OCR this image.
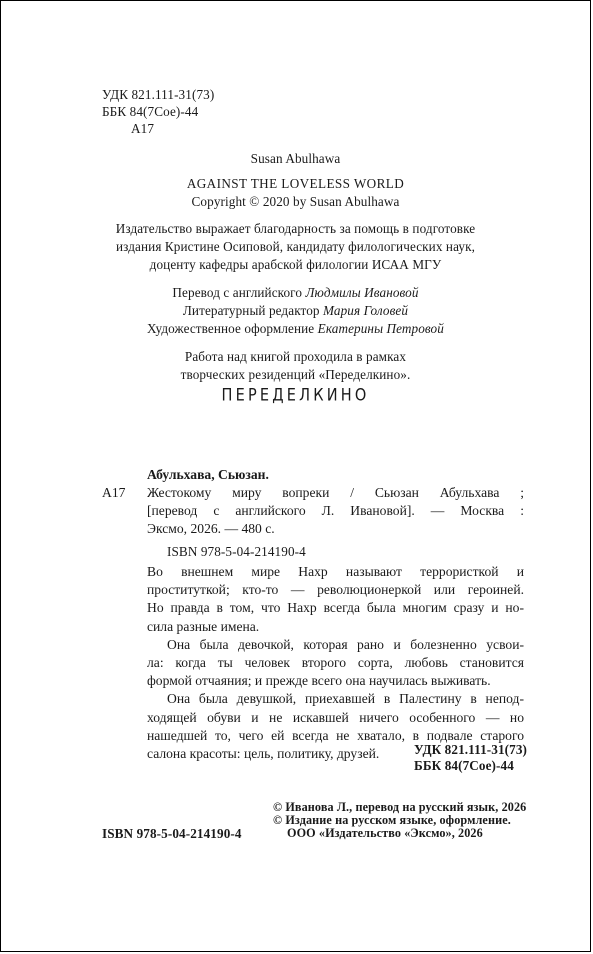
УДК 821.111-31(73)
ББК 84(7Сое)-44
А17
Susan Abulhawa
AGAINST THE LOVELESS WORLD
Copyright © 2020 by Susan Abulhawa
Издательство выражает благодарность за помощь в подготовке
издания Кристине Осиповой, кандидату филологических наук,
доценту кафедры арабской филологии ИСАА МГУ
Перевод с английского Людмилы Ивановой
Литературный редактор Мария Головей
Художественное оформление Екатерины Петровой
Работа над книгой проходила в рамках
творческих резиденций «Переделкино».
ПЕРЕДЕЛКИНО
Абульхава, Сьюзан.
А17 Жестокому миру вопреки / Сьюзан Абульхава ;
[перевод с английского Л. Ивановой]. — Москва :
Эксмо, 2026. — 480 с.
ISBN 978-5-04-214190-4
Во внешнем мире Нахр называют террористкой и
проституткой; кто-то — революционеркой или героиней.
Но правда в том, что Нахр всегда была многим сразу и но-
сила разные имена.
Она была девочкой, которая рано и болезненно усвои-
ла: когда ты человек второго сорта, любовь становится
формой отчаяния; и прежде всего она научилась выживать.
Она была девушкой, приехавшей в Палестину в непод-
ходящей обуви и не искавшей ничего особенного — но
нашедшей то, чего ей всегда не хватало, в подвале старого
салона красоты: цель, политику, друзей.	УДК 821.111-31(73)
ББК 84(7Сое)-44
ISBN 978-5-04-214190-4
© Иванова Л., перевод на русский язык, 2026
© Издание на русском языке, оформление.
ООО «Издательство «Эксмо», 2026
